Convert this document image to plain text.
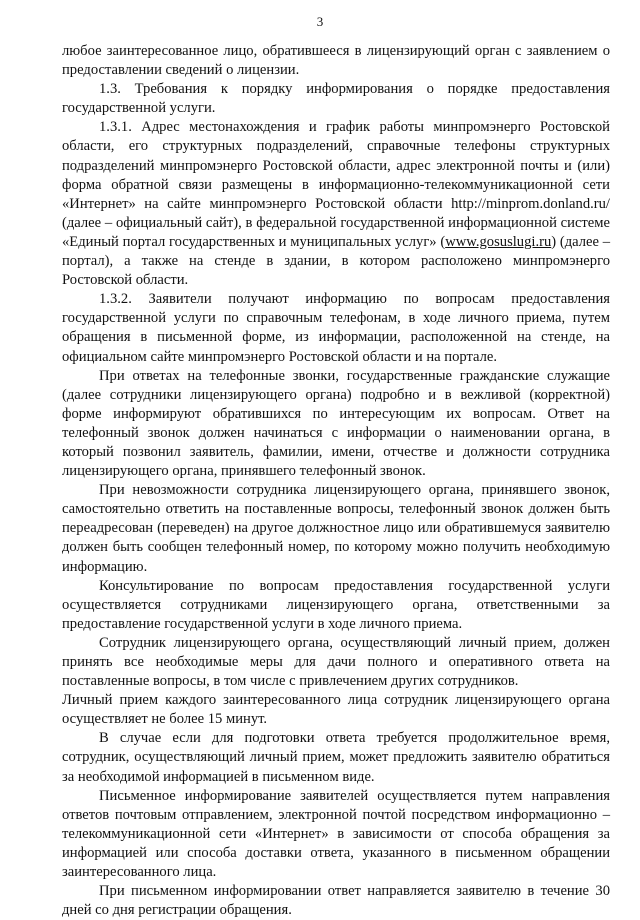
3

любое заинтересованное лицо, обратившееся в лицензирующий орган с заявлением о предоставлении сведений о лицензии.

1.3. Требования к порядку информирования о порядке предоставления государственной услуги.

1.3.1. Адрес местонахождения и график работы минпромэнерго Ростовской области, его структурных подразделений, справочные телефоны структурных подразделений минпромэнерго Ростовской области, адрес электронной почты и (или) форма обратной связи размещены в информационно-телекоммуникационной сети «Интернет» на сайте минпромэнерго Ростовской области http://minprom.donland.ru/ (далее – официальный сайт), в федеральной государственной информационной системе «Единый портал государственных и муниципальных услуг» (www.gosuslugi.ru) (далее – портал), а также на стенде в здании, в котором расположено минпромэнерго Ростовской области.

1.3.2. Заявители получают информацию по вопросам предоставления государственной услуги по справочным телефонам, в ходе личного приема, путем обращения в письменной форме, из информации, расположенной на стенде, на официальном сайте минпромэнерго Ростовской области и на портале.

При ответах на телефонные звонки, государственные гражданские служащие (далее сотрудники лицензирующего органа) подробно и в вежливой (корректной) форме информируют обратившихся по интересующим их вопросам. Ответ на телефонный звонок должен начинаться с информации о наименовании органа, в который позвонил заявитель, фамилии, имени, отчестве и должности сотрудника лицензирующего органа, принявшего телефонный звонок.

При невозможности сотрудника лицензирующего органа, принявшего звонок, самостоятельно ответить на поставленные вопросы, телефонный звонок должен быть переадресован (переведен) на другое должностное лицо или обратившемуся заявителю должен быть сообщен телефонный номер, по которому можно получить необходимую информацию.

Консультирование по вопросам предоставления государственной услуги осуществляется сотрудниками лицензирующего органа, ответственными за предоставление государственной услуги в ходе личного приема.

Сотрудник лицензирующего органа, осуществляющий личный прием, должен принять все необходимые меры для дачи полного и оперативного ответа на поставленные вопросы, в том числе с привлечением других сотрудников.

Личный прием каждого заинтересованного лица сотрудник лицензирующего органа осуществляет не более 15 минут.

В случае если для подготовки ответа требуется продолжительное время, сотрудник, осуществляющий личный прием, может предложить заявителю обратиться за необходимой информацией в письменном виде.

Письменное информирование заявителей осуществляется путем направления ответов почтовым отправлением, электронной почтой посредством информационно – телекоммуникационной сети «Интернет» в зависимости от способа обращения за информацией или способа доставки ответа, указанного в письменном обращении заинтересованного лица.

При письменном информировании ответ направляется заявителю в течение 30 дней со дня регистрации обращения.
